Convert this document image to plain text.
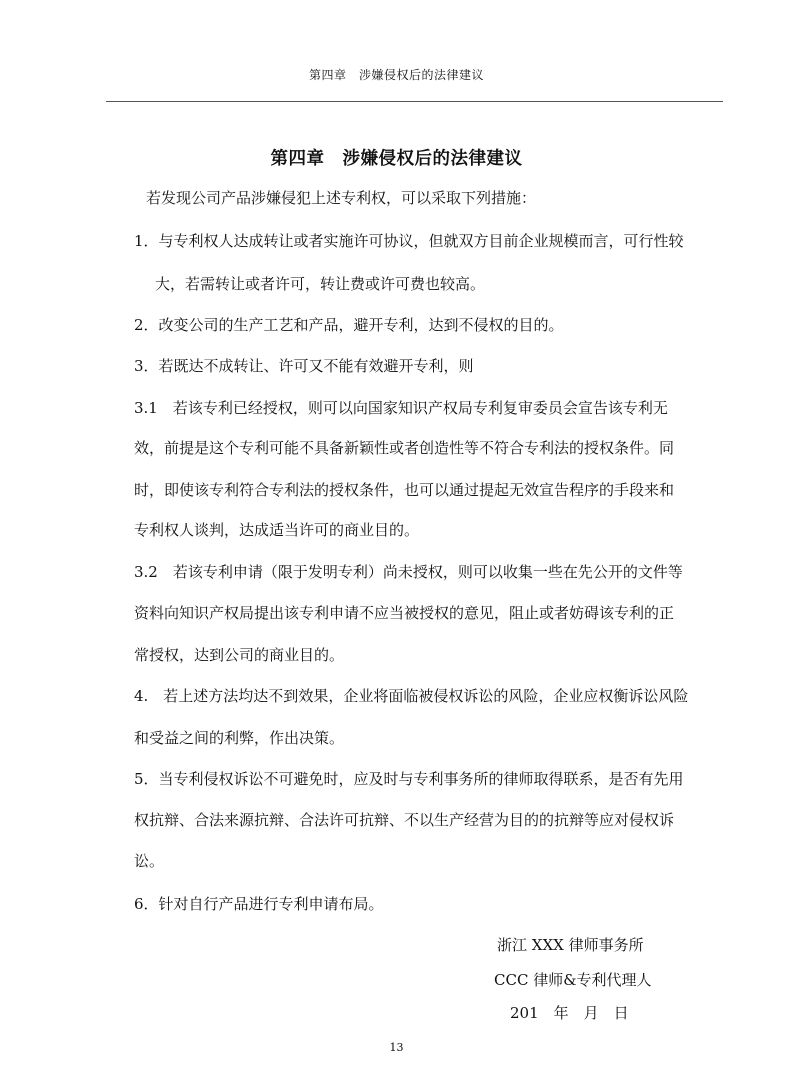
第四章　涉嫌侵权后的法律建议
第四章　涉嫌侵权后的法律建议
若发现公司产品涉嫌侵犯上述专利权，可以采取下列措施：
1．与专利权人达成转让或者实施许可协议，但就双方目前企业规模而言，可行性较
大，若需转让或者许可，转让费或许可费也较高。
2．改变公司的生产工艺和产品，避开专利，达到不侵权的目的。
3．若既达不成转让、许可又不能有效避开专利，则
3.1　若该专利已经授权，则可以向国家知识产权局专利复审委员会宣告该专利无
效，前提是这个专利可能不具备新颖性或者创造性等不符合专利法的授权条件。同
时，即使该专利符合专利法的授权条件，也可以通过提起无效宣告程序的手段来和
专利权人谈判，达成适当许可的商业目的。
3.2　若该专利申请（限于发明专利）尚未授权，则可以收集一些在先公开的文件等
资料向知识产权局提出该专利申请不应当被授权的意见，阻止或者妨碍该专利的正
常授权，达到公司的商业目的。
4.　若上述方法均达不到效果，企业将面临被侵权诉讼的风险，企业应权衡诉讼风险
和受益之间的利弊，作出决策。
5．当专利侵权诉讼不可避免时，应及时与专利事务所的律师取得联系，是否有先用
权抗辩、合法来源抗辩、合法许可抗辩、不以生产经营为目的的抗辩等应对侵权诉
讼。
6．针对自行产品进行专利申请布局。
浙江 XXX 律师事务所
CCC 律师&专利代理人
201　年　月　日
13
